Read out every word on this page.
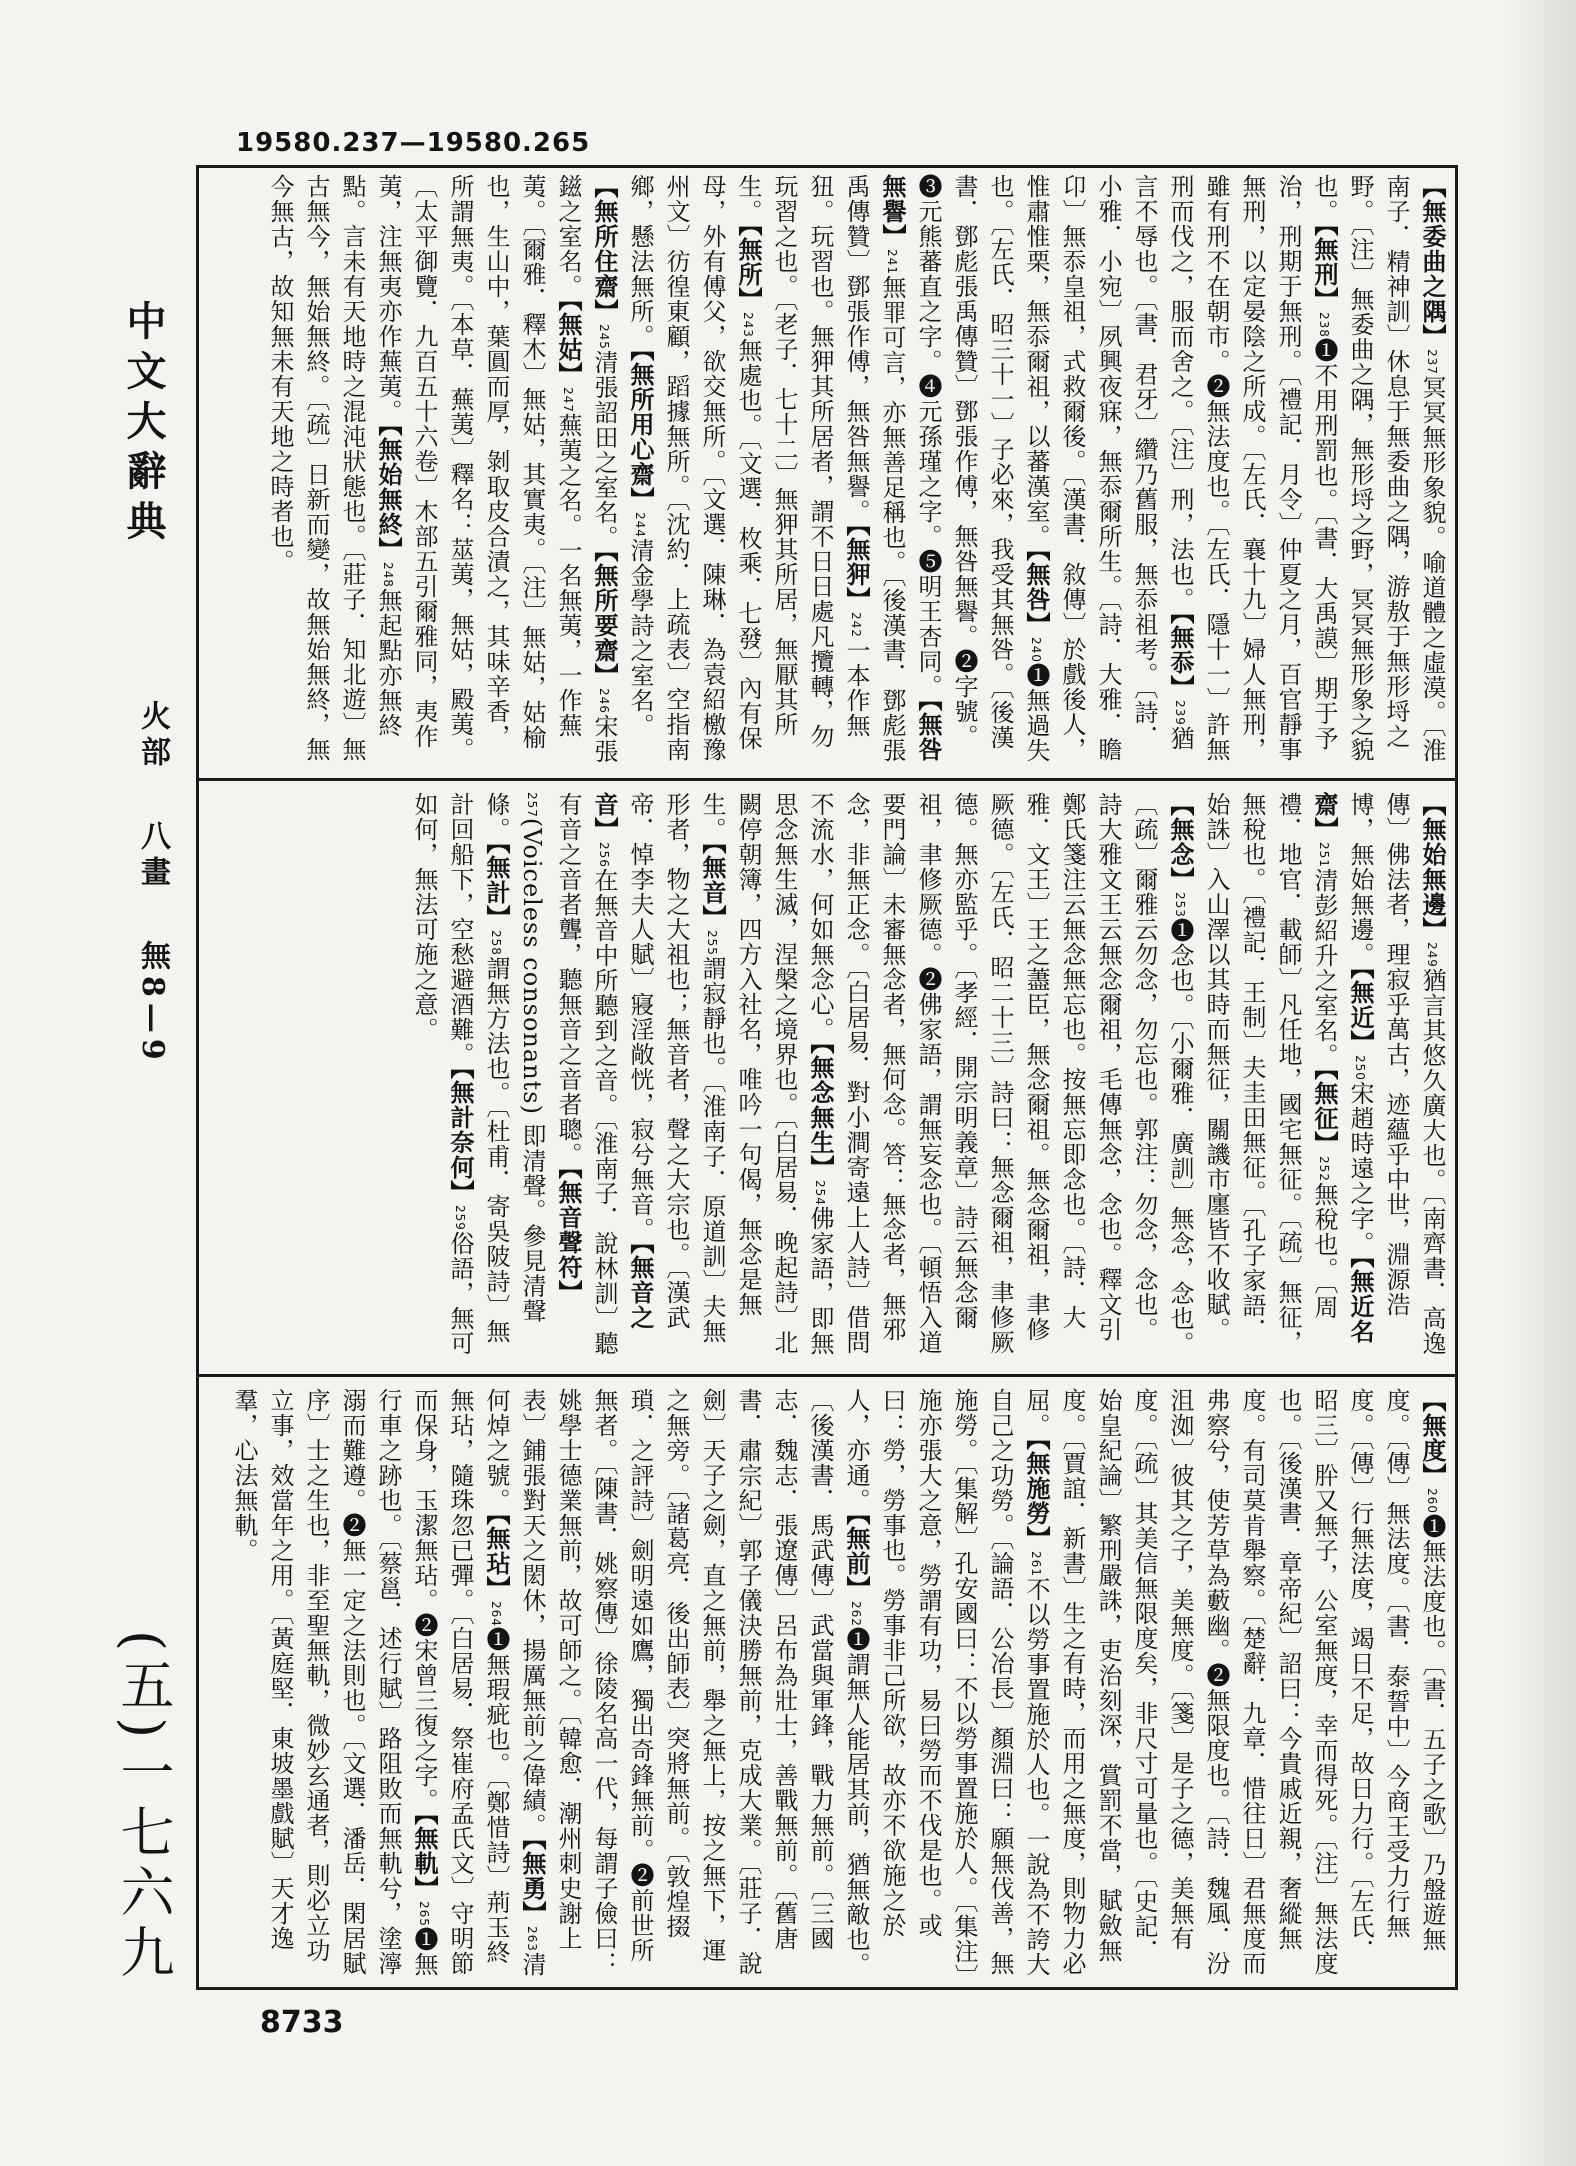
19580.237—19580.265
中文大辭典
火部
八畫
無8—9
(五)一七六九
【無委曲之隅】237冥冥無形象貌。喻道體之虛漠。〔淮南子．精神訓〕休息于無委曲之隅，游敖于無形埒之野。〔注〕無委曲之隅，無形埒之野，冥冥無形象之貌也。【無刑】238❶不用刑罰也。〔書．大禹謨〕期于予治，刑期于無刑。〔禮記．月令〕仲夏之月，百官靜事無刑，以定晏陰之所成。〔左氏．襄十九〕婦人無刑，雖有刑不在朝市。❷無法度也。〔左氏．隱十一〕許無刑而伐之，服而舍之。〔注〕刑，法也。【無忝】239猶言不辱也。〔書．君牙〕纘乃舊服，無忝祖考。〔詩．小雅．小宛〕夙興夜寐，無忝爾所生。〔詩．大雅．瞻卬〕無忝皇祖，式救爾後。〔漢書．敘傳〕於戲後人，惟肅惟栗，無忝爾祖，以蕃漢室。【無咎】240❶無過失也。〔左氏．昭三十一〕子必來，我受其無咎。〔後漢書．鄧彪張禹傳贊〕鄧張作傅，無咎無譽。❷字號。❸元熊蕃直之字。❹元孫瑾之字。❺明王杏同。【無咎無譽】241無罪可言，亦無善足稱也。〔後漢書．鄧彪張禹傳贊〕鄧張作傅，無咎無譽。【無狎】242一本作無狃。玩習也。無狎其所居者，謂不日日處凡攬轉，勿玩習之也。〔老子．七十二〕無狎其所居，無厭其所生。【無所】243無處也。〔文選．枚乘．七發〕內有保母，外有傅父，欲交無所。〔文選．陳琳．為袁紹檄豫州文〕彷徨東顧，蹈據無所。〔沈約．上疏表〕空指南鄉，懸法無所。【無所用心齋】244清金學詩之室名。【無所住齋】245清張詔田之室名。【無所要齋】246宋張鎡之室名。【無姑】247蕪荑之名。一名無荑，一作蕪荑。〔爾雅．釋木〕無姑，其實夷。〔注〕無姑，姑榆也，生山中，葉圓而厚，剝取皮合漬之，其味辛香，所謂無夷。〔本草．蕪荑〕釋名：莁荑，無姑，殿荑。〔太平御覽．九百五十六卷〕木部五引爾雅同，夷作荑，注無夷亦作蕪荑。【無始無終】248無起點亦無終點。言未有天地時之混沌狀態也。〔莊子．知北遊〕無古無今，無始無終。〔疏〕日新而變，故無始無終，無今無古，故知無未有天地之時者也。
【無始無邊】249猶言其悠久廣大也。〔南齊書．高逸傳〕佛法者，理寂乎萬古，迹蘊乎中世，淵源浩博，無始無邊。【無近】250宋趙時遠之字。【無近名齋】251清彭紹升之室名。【無征】252無稅也。〔周禮．地官．載師〕凡任地，國宅無征。〔疏〕無征，無稅也。〔禮記．王制〕夫圭田無征。〔孔子家語．始誅〕入山澤以其時而無征，關譏市廛皆不收賦。【無念】253❶念也。〔小爾雅．廣訓〕無念，念也。〔疏〕爾雅云勿念，勿忘也。郭注：勿念，念也。詩大雅文王云無念爾祖，毛傳無念，念也。釋文引鄭氏箋注云無念無忘也。按無忘即念也。〔詩．大雅．文王〕王之藎臣，無念爾祖。無念爾祖，聿修厥德。〔左氏．昭二十三〕詩曰：無念爾祖，聿修厥德。無亦監乎。〔孝經．開宗明義章〕詩云無念爾祖，聿修厥德。❷佛家語，謂無妄念也。〔頓悟入道要門論〕未審無念者，無何念。答：無念者，無邪念，非無正念。〔白居易．對小澗寄遠上人詩〕借問不流水，何如無念心。【無念無生】254佛家語，即無思念無生滅，涅槃之境界也。〔白居易．晚起詩〕北闕停朝簿，四方入社名，唯吟一句偈，無念是無生。【無音】255謂寂靜也。〔淮南子．原道訓〕夫無形者，物之大祖也；無音者，聲之大宗也。〔漢武帝．悼李夫人賦〕寢淫敞恍，寂兮無音。【無音之音】256在無音中所聽到之音。〔淮南子．說林訓〕聽有音之音者聾，聽無音之音者聰。【無音聲符】257(Voiceless consonants) 即清聲。參見清聲條。【無計】258謂無方法也。〔杜甫．寄吳陂詩〕無計回船下，空愁避酒難。【無計奈何】259俗語，無可如何，無法可施之意。
【無度】260❶無法度也。〔書．五子之歌〕乃盤遊無度。〔傳〕無法度。〔書．泰誓中〕今商王受力行無度。〔傳〕行無法度，竭日不足，故日力行。〔左氏．昭三〕肸又無子，公室無度，幸而得死。〔注〕無法度也。〔後漢書．章帝紀〕詔曰：今貴戚近親，奢縱無度。有司莫肯舉察。〔楚辭．九章．惜往日〕君無度而弗察兮，使芳草為藪幽。❷無限度也。〔詩．魏風．汾沮洳〕彼其之子，美無度。〔箋〕是子之德，美無有度。〔疏〕其美信無限度矣，非尺寸可量也。〔史記．始皇紀論〕繁刑嚴誅，吏治刻深，賞罰不當，賦斂無度。〔賈誼．新書〕生之有時，而用之無度，則物力必屈。【無施勞】261不以勞事置施於人也。一說為不誇大自己之功勞。〔論語．公冶長〕顏淵曰：願無伐善，無施勞。〔集解〕孔安國曰：不以勞事置施於人。〔集注〕施亦張大之意，勞謂有功，易曰勞而不伐是也。或曰：勞，勞事也。勞事非己所欲，故亦不欲施之於人，亦通。【無前】262❶謂無人能居其前，猶無敵也。〔後漢書．馬武傳〕武當與軍鋒，戰力無前。〔三國志．魏志．張遼傳〕呂布為壯士，善戰無前。〔舊唐書．肅宗紀〕郭子儀決勝無前，克成大業。〔莊子．說劍〕天子之劍，直之無前，舉之無上，按之無下，運之無旁。〔諸葛亮．後出師表〕突將無前。〔敦煌掇瑣．之評詩〕劍明遠如鷹，獨出奇鋒無前。❷前世所無者。〔陳書．姚察傳〕徐陵名高一代，每謂子儉曰：姚學士德業無前，故可師之。〔韓愈．潮州刺史謝上表〕鋪張對天之閎休，揚厲無前之偉績。【無勇】263清何焯之號。【無玷】264❶無瑕疵也。〔鄭惜詩〕荊玉終無玷，隨珠忽已彈。〔白居易．祭崔府孟氏文〕守明節而保身，玉潔無玷。❷宋曾三復之字。【無軌】265❶無行車之跡也。〔蔡邕．述行賦〕路阻敗而無軌兮，塗濘溺而難遵。❷無一定之法則也。〔文選．潘岳．閑居賦序〕士之生也，非至聖無軌，微妙玄通者，則必立功立事，效當年之用。〔黃庭堅．東坡墨戲賦〕天才逸羣，心法無軌。
8733
